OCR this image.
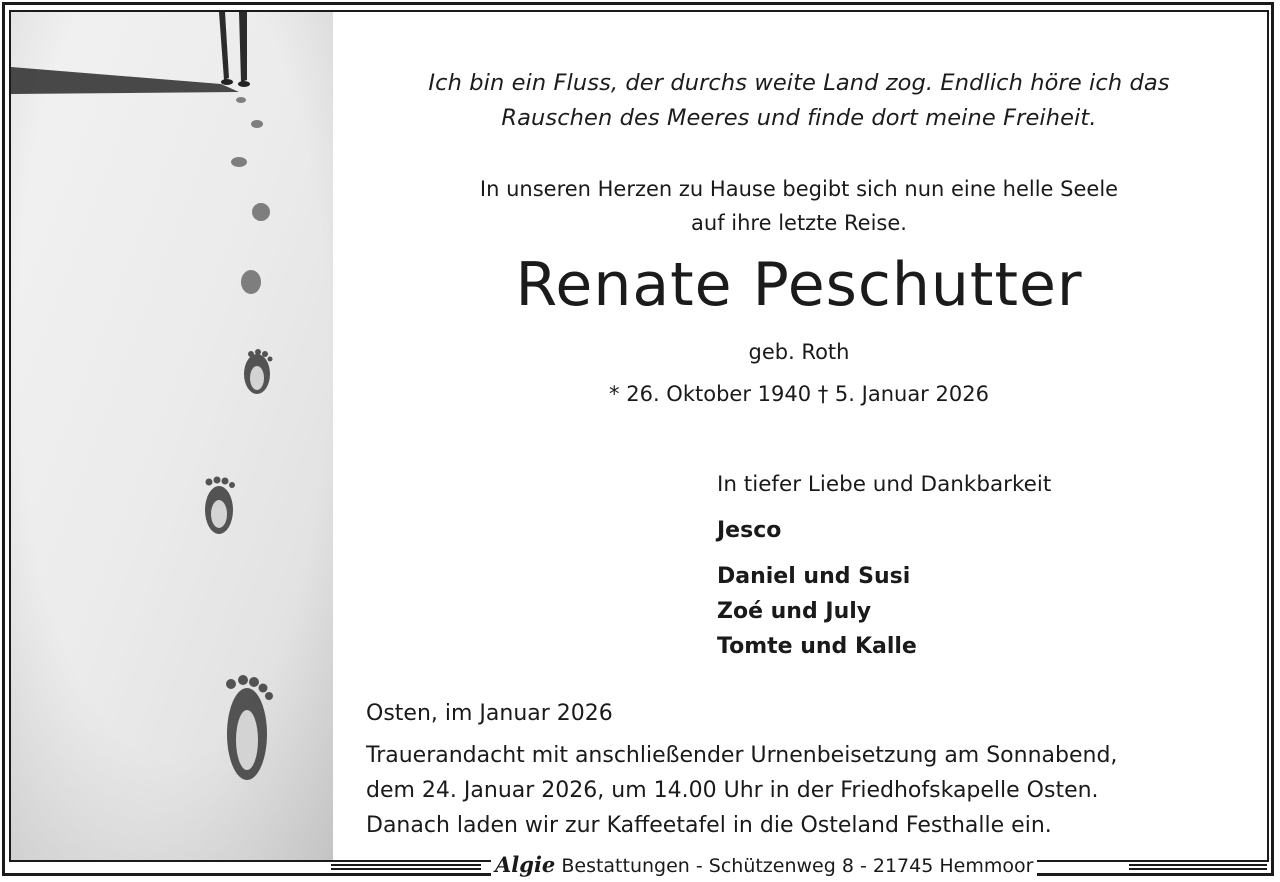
Ich bin ein Fluss, der durchs weite Land zog. Endlich höre ich das
Rauschen des Meeres und finde dort meine Freiheit.
In unseren Herzen zu Hause begibt sich nun eine helle Seele
auf ihre letzte Reise.
Renate Peschutter
geb. Roth
* 26. Oktober 1940 † 5. Januar 2026
In tiefer Liebe und Dankbarkeit
Jesco
Daniel und Susi
Zoé und July
Tomte und Kalle
Osten, im Januar 2026
Trauerandacht mit anschließender Urnenbeisetzung am Sonnabend,
dem 24. Januar 2026, um 14.00 Uhr in der Friedhofskapelle Osten.
Danach laden wir zur Kaffeetafel in die Osteland Festhalle ein.
Algie Bestattungen - Schützenweg 8 - 21745 Hemmoor
